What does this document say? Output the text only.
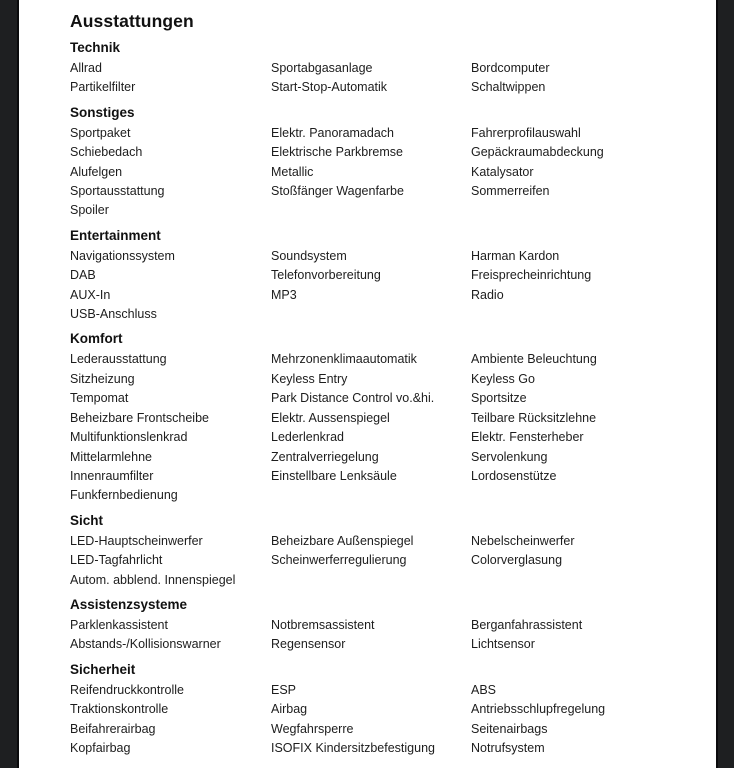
Ausstattungen
Technik
Allrad	Sportabgasanlage	Bordcomputer
Partikelfilter	Start-Stop-Automatik	Schaltwippen
Sonstiges
Sportpaket	Elektr. Panoramadach	Fahrerprofilauswahl
Schiebedach	Elektrische Parkbremse	Gepäckraumabdeckung
Alufelgen	Metallic	Katalysator
Sportausstattung	Stoßfänger Wagenfarbe	Sommerreifen
Spoiler
Entertainment
Navigationssystem	Soundsystem	Harman Kardon
DAB	Telefonvorbereitung	Freisprecheinrichtung
AUX-In	MP3	Radio
USB-Anschluss
Komfort
Lederausstattung	Mehrzonenklimaautomatik	Ambiente Beleuchtung
Sitzheizung	Keyless Entry	Keyless Go
Tempomat	Park Distance Control vo.&hi.	Sportsitze
Beheizbare Frontscheibe	Elektr. Aussenspiegel	Teilbare Rücksitzlehne
Multifunktionslenkrad	Lederlenkrad	Elektr. Fensterheber
Mittelarmlehne	Zentralverriegelung	Servolenkung
Innenraumfilter	Einstellbare Lenksäule	Lordosenstütze
Funkfernbedienung
Sicht
LED-Hauptscheinwerfer	Beheizbare Außenspiegel	Nebelscheinwerfer
LED-Tagfahrlicht	Scheinwerferregulierung	Colorverglasung
Autom. abblend. Innenspiegel
Assistenzsysteme
Parklenkassistent	Notbremsassistent	Berganfahrassistent
Abstands-/Kollisionswarner	Regensensor	Lichtsensor
Sicherheit
Reifendruckkontrolle	ESP	ABS
Traktionskontrolle	Airbag	Antriebsschlupfregelung
Beifahrerairbag	Wegfahrsperre	Seitenairbags
Kopfairbag	ISOFIX Kindersitzbefestigung	Notrufsystem
